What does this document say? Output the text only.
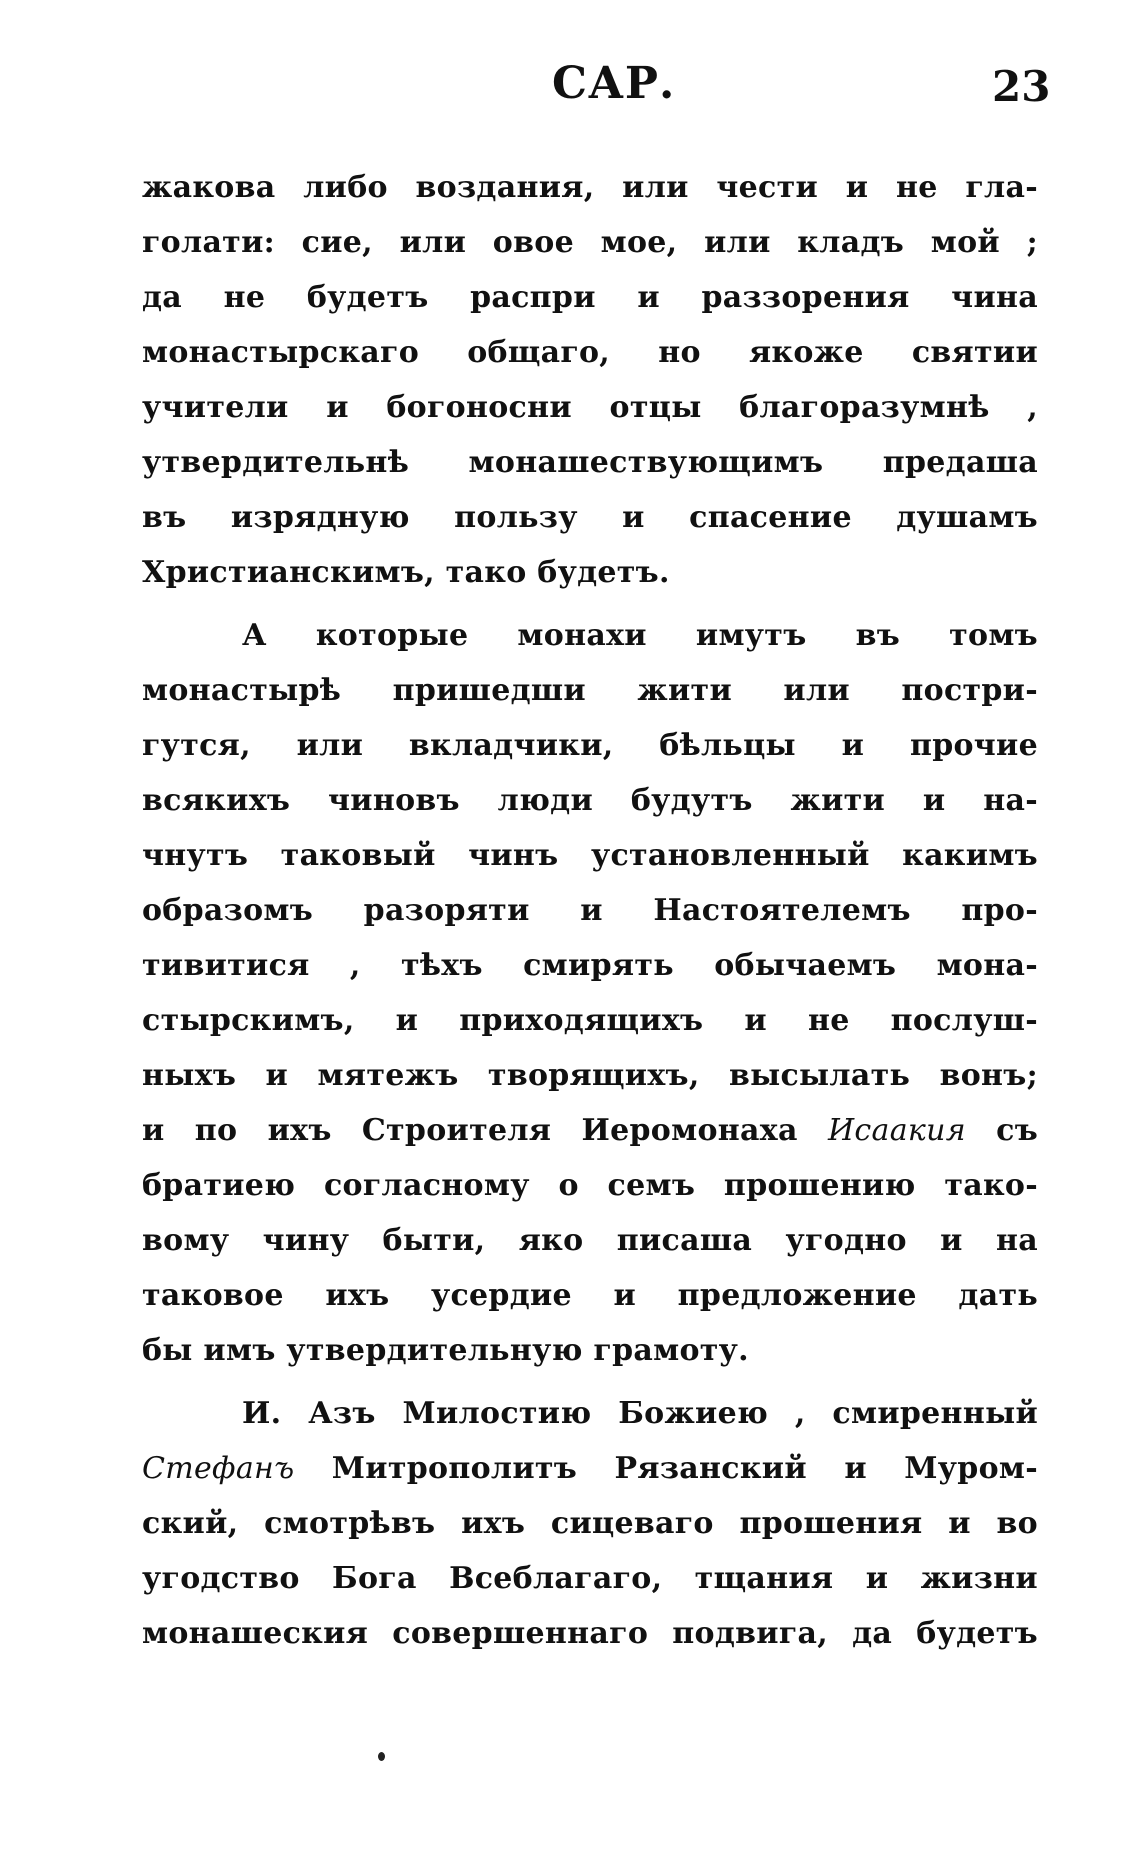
САР.	23
жакова либо воздания, или чести и не гла-
голати: сие, или овое мое, или кладъ мой ;
да не будетъ распри и раззорения чина
монастырскаго общаго, но якоже святии
учители и богоносни отцы благоразумнѣ ,
утвердительнѣ монашествующимъ предаша
въ изрядную пользу и спасение душамъ
Христианскимъ, тако будетъ.
А которые монахи имутъ въ томъ
монастырѣ пришедши жити или постри-
гутся, или вкладчики, бѣльцы и прочие
всякихъ чиновъ люди будутъ жити и на-
чнутъ таковый чинъ установленный какимъ
образомъ разоряти и Настоятелемъ про-
тивитися , тѣхъ смирять обычаемъ мона-
стырскимъ, и приходящихъ и не послуш-
ныхъ и мятежъ творящихъ, высылать вонъ;
и по ихъ Строителя Иеромонаха Исаакия съ
братиею согласному о семъ прошению тако-
вому чину быти, яко писаша угодно и на
таковое ихъ усердие и предложение дать
бы имъ утвердительную грамоту.
И. Азъ Милостию Божиею , смиренный
Стефанъ Митрополитъ Рязанский и Муром-
ский, смотрѣвъ ихъ сицеваго прошения и во
угодство Бога Всеблагаго, тщания и жизни
монашеския совершеннаго подвига, да будетъ
